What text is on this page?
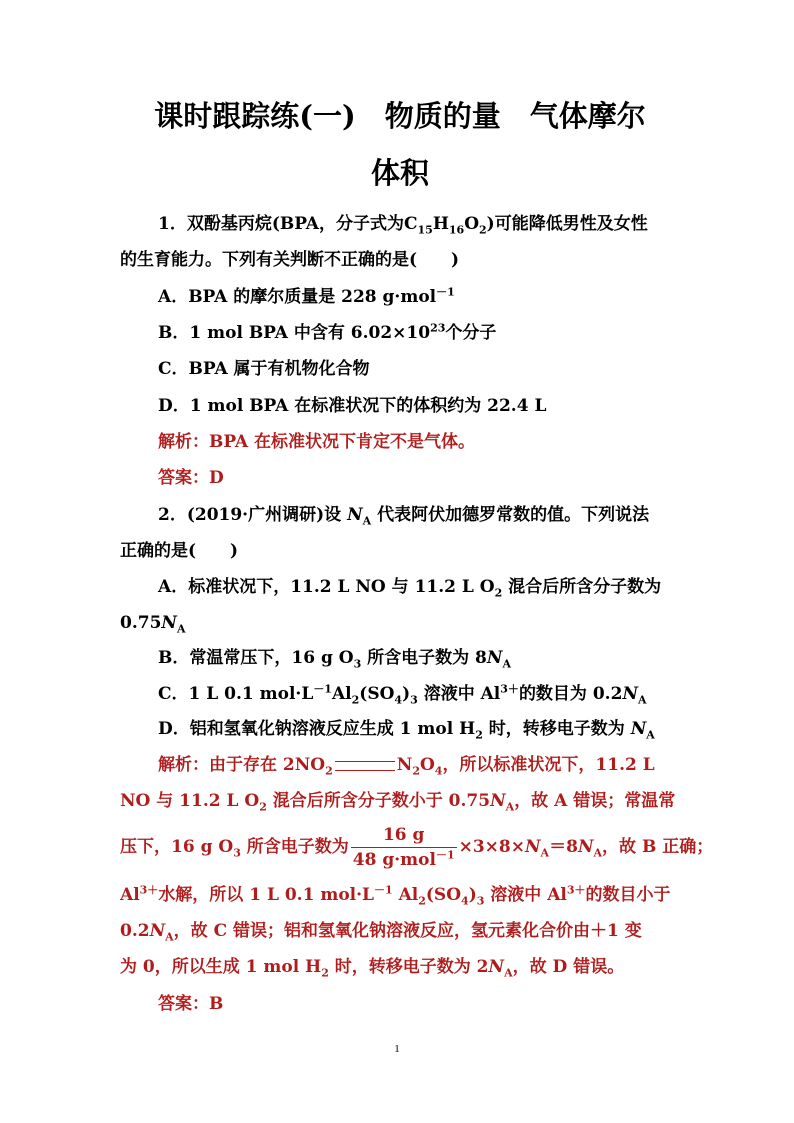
课时跟踪练(一)　物质的量　气体摩尔
体积
1．双酚基丙烷(BPA，分子式为$C_{15}H_{16}O_2$)可能降低男性及女性
的生育能力。下列有关判断不正确的是(　　)
A．BPA 的摩尔质量是 228 g·mol$^{-1}$
B．1 mol BPA 中含有 $6.02\times 10^{23}$个分子
C．BPA 属于有机物化合物
D．1 mol BPA 在标准状况下的体积约为 22.4 L
解析：BPA 在标准状况下肯定不是气体。
答案：D
2．(2019·广州调研)设 $N_A$ 代表阿伏加德罗常数的值。下列说法
正确的是(　　)
A．标准状况下，11.2 L NO 与 11.2 L $O_2$ 混合后所含分子数为
$0.75N_A$
B．常温常压下，16 g $O_3$ 所含电子数为 $8N_A$
C．1 L 0.1 $mol\cdot L^{-1}Al_2(SO_4)_3$ 溶液中 $Al^{3+}$的数目为 $0.2N_A$
D．铝和氢氧化钠溶液反应生成 1 mol $H_2$ 时，转移电子数为 $N_A$
解析：由于存在 $2NO_2$	$N_2O_4$，所以标准状况下，11.2 L
NO 与 11.2 L $O_2$ 混合后所含分子数小于 $0.75N_A$，故 A 错误；常温常
压下，16 g $O_3$ 所含电子数为 $\frac{16 g}{48 g\cdot mol^{-1}} \times 3\times 8\times N_A=8N_A$，故 B 正确；
$Al^{3+}$水解，所以 1 L 0.1 $mol\cdot L^{-1}$ $Al_2(SO_4)_3$ 溶液中 $Al^{3+}$的数目小于
$0.2N_A$，故 C 错误；铝和氢氧化钠溶液反应，氢元素化合价由＋1 变
为 0，所以生成 1 mol $H_2$ 时，转移电子数为 $2N_A$，故 D 错误。
答案：B
1
